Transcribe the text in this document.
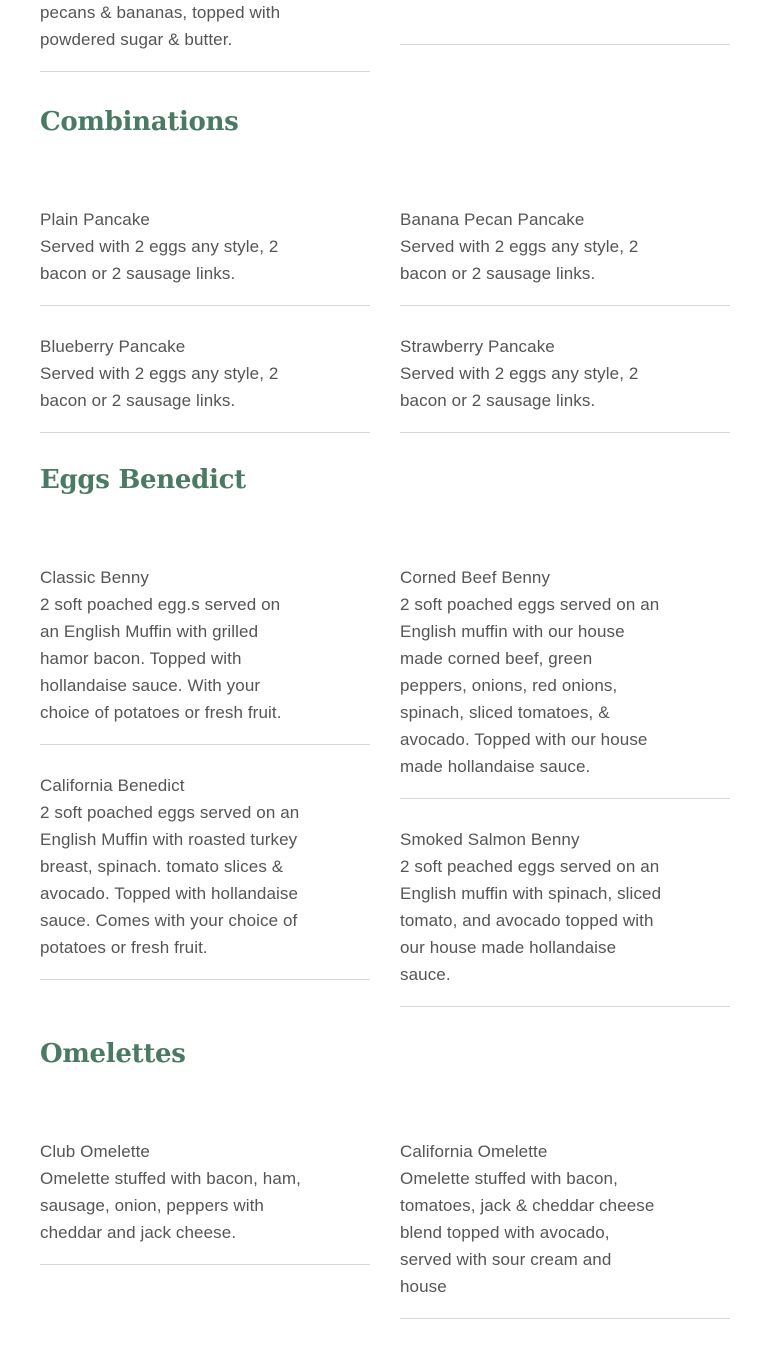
pecans & bananas, topped with powdered sugar & butter.
Combinations
Plain Pancake
Served with 2 eggs any style, 2 bacon or 2 sausage links.
Blueberry Pancake
Served with 2 eggs any style, 2 bacon or 2 sausage links.
Banana Pecan Pancake
Served with 2 eggs any style, 2 bacon or 2 sausage links.
Strawberry Pancake
Served with 2 eggs any style, 2 bacon or 2 sausage links.
Eggs Benedict
Classic Benny
2 soft poached egg.s served on an English Muffin with grilled hamor bacon. Topped with hollandaise sauce. With your choice of potatoes or fresh fruit.
California Benedict
2 soft poached eggs served on an English Muffin with roasted turkey breast, spinach. tomato slices & avocado. Topped with hollandaise sauce. Comes with your choice of potatoes or fresh fruit.
Corned Beef Benny
2 soft poached eggs served on an English muffin with our house made corned beef, green peppers, onions, red onions, spinach, sliced tomatoes, & avocado. Topped with our house made hollandaise sauce.
Smoked Salmon Benny
2 soft peached eggs served on an English muffin with spinach, sliced tomato, and avocado topped with our house made hollandaise sauce.
Omelettes
Club Omelette
Omelette stuffed with bacon, ham, sausage, onion, peppers with cheddar and jack cheese.
California Omelette
Omelette stuffed with bacon, tomatoes, jack & cheddar cheese blend topped with avocado, served with sour cream and house
